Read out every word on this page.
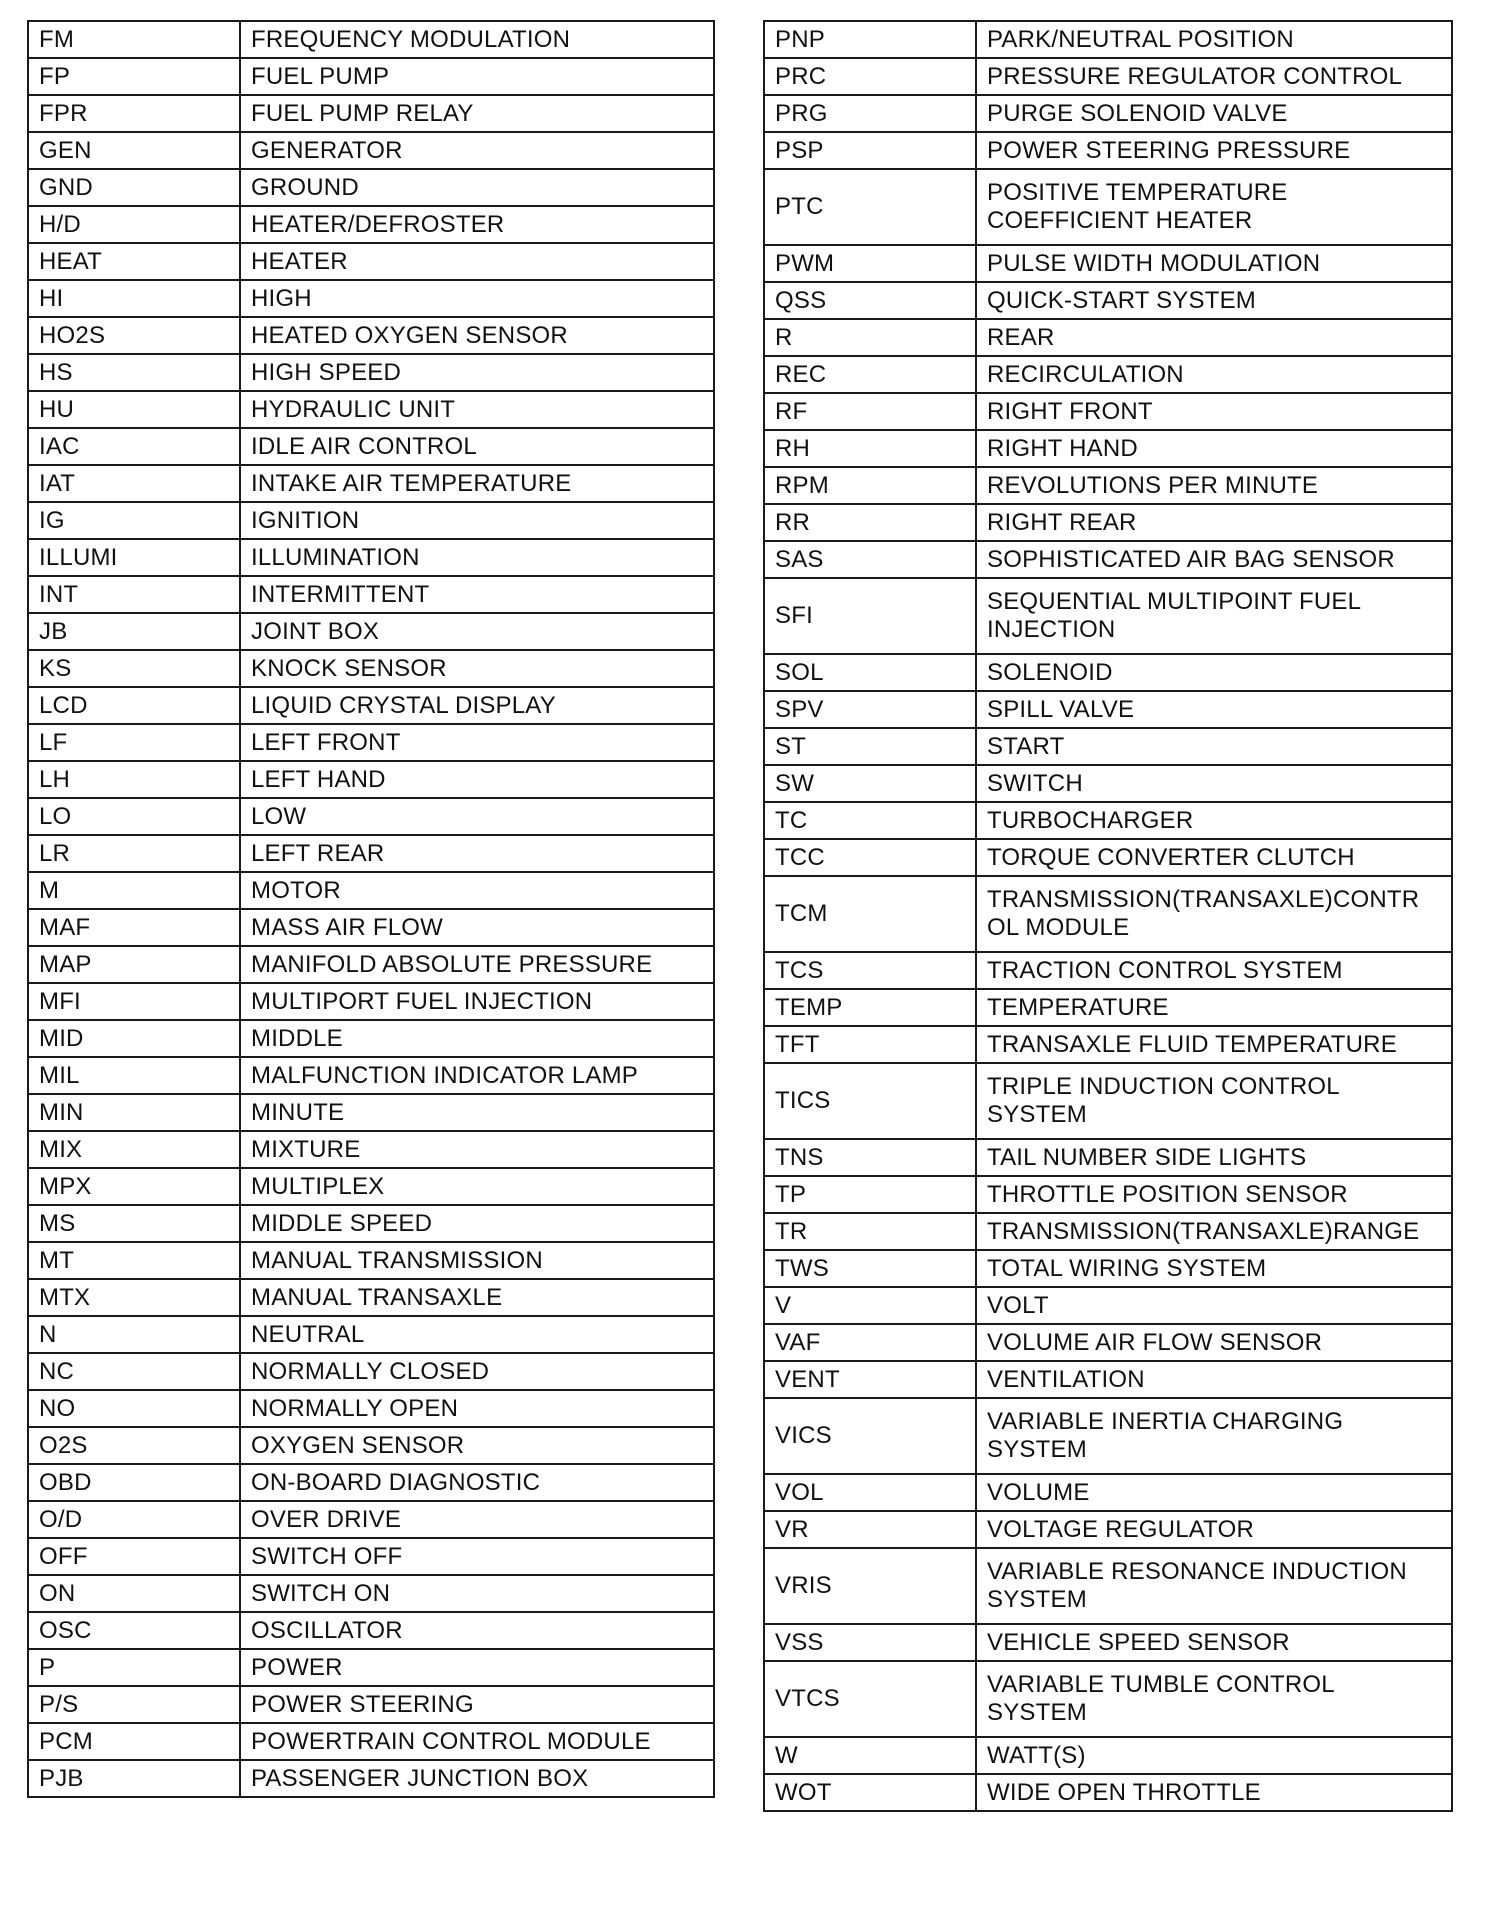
FM	FREQUENCY MODULATION
FP	FUEL PUMP
FPR	FUEL PUMP RELAY
GEN	GENERATOR
GND	GROUND
H/D	HEATER/DEFROSTER
HEAT	HEATER
HI	HIGH
HO2S	HEATED OXYGEN SENSOR
HS	HIGH SPEED
HU	HYDRAULIC UNIT
IAC	IDLE AIR CONTROL
IAT	INTAKE AIR TEMPERATURE
IG	IGNITION
ILLUMI	ILLUMINATION
INT	INTERMITTENT
JB	JOINT BOX
KS	KNOCK SENSOR
LCD	LIQUID CRYSTAL DISPLAY
LF	LEFT FRONT
LH	LEFT HAND
LO	LOW
LR	LEFT REAR
M	MOTOR
MAF	MASS AIR FLOW
MAP	MANIFOLD ABSOLUTE PRESSURE
MFI	MULTIPORT FUEL INJECTION
MID	MIDDLE
MIL	MALFUNCTION INDICATOR LAMP
MIN	MINUTE
MIX	MIXTURE
MPX	MULTIPLEX
MS	MIDDLE SPEED
MT	MANUAL TRANSMISSION
MTX	MANUAL TRANSAXLE
N	NEUTRAL
NC	NORMALLY CLOSED
NO	NORMALLY OPEN
O2S	OXYGEN SENSOR
OBD	ON-BOARD DIAGNOSTIC
O/D	OVER DRIVE
OFF	SWITCH OFF
ON	SWITCH ON
OSC	OSCILLATOR
P	POWER
P/S	POWER STEERING
PCM	POWERTRAIN CONTROL MODULE
PJB	PASSENGER JUNCTION BOX
PNP	PARK/NEUTRAL POSITION
PRC	PRESSURE REGULATOR CONTROL
PRG	PURGE SOLENOID VALVE
PSP	POWER STEERING PRESSURE
PTC	POSITIVE TEMPERATURE
COEFFICIENT HEATER

PWM	PULSE WIDTH MODULATION
QSS	QUICK-START SYSTEM
R	REAR
REC	RECIRCULATION
RF	RIGHT FRONT
RH	RIGHT HAND
RPM	REVOLUTIONS PER MINUTE
RR	RIGHT REAR
SAS	SOPHISTICATED AIR BAG SENSOR
SFI	SEQUENTIAL MULTIPOINT FUEL
INJECTION

SOL	SOLENOID
SPV	SPILL VALVE
ST	START
SW	SWITCH
TC	TURBOCHARGER
TCC	TORQUE CONVERTER CLUTCH
TCM	TRANSMISSION(TRANSAXLE)CONTR
OL MODULE

TCS	TRACTION CONTROL SYSTEM
TEMP	TEMPERATURE
TFT	TRANSAXLE FLUID TEMPERATURE
TICS	TRIPLE INDUCTION CONTROL
SYSTEM

TNS	TAIL NUMBER SIDE LIGHTS
TP	THROTTLE POSITION SENSOR
TR	TRANSMISSION(TRANSAXLE)RANGE
TWS	TOTAL WIRING SYSTEM
V	VOLT
VAF	VOLUME AIR FLOW SENSOR
VENT	VENTILATION
VICS	VARIABLE INERTIA CHARGING
SYSTEM

VOL	VOLUME
VR	VOLTAGE REGULATOR
VRIS	VARIABLE RESONANCE INDUCTION
SYSTEM

VSS	VEHICLE SPEED SENSOR
VTCS	VARIABLE TUMBLE CONTROL
SYSTEM

W	WATT(S)
WOT	WIDE OPEN THROTTLE
